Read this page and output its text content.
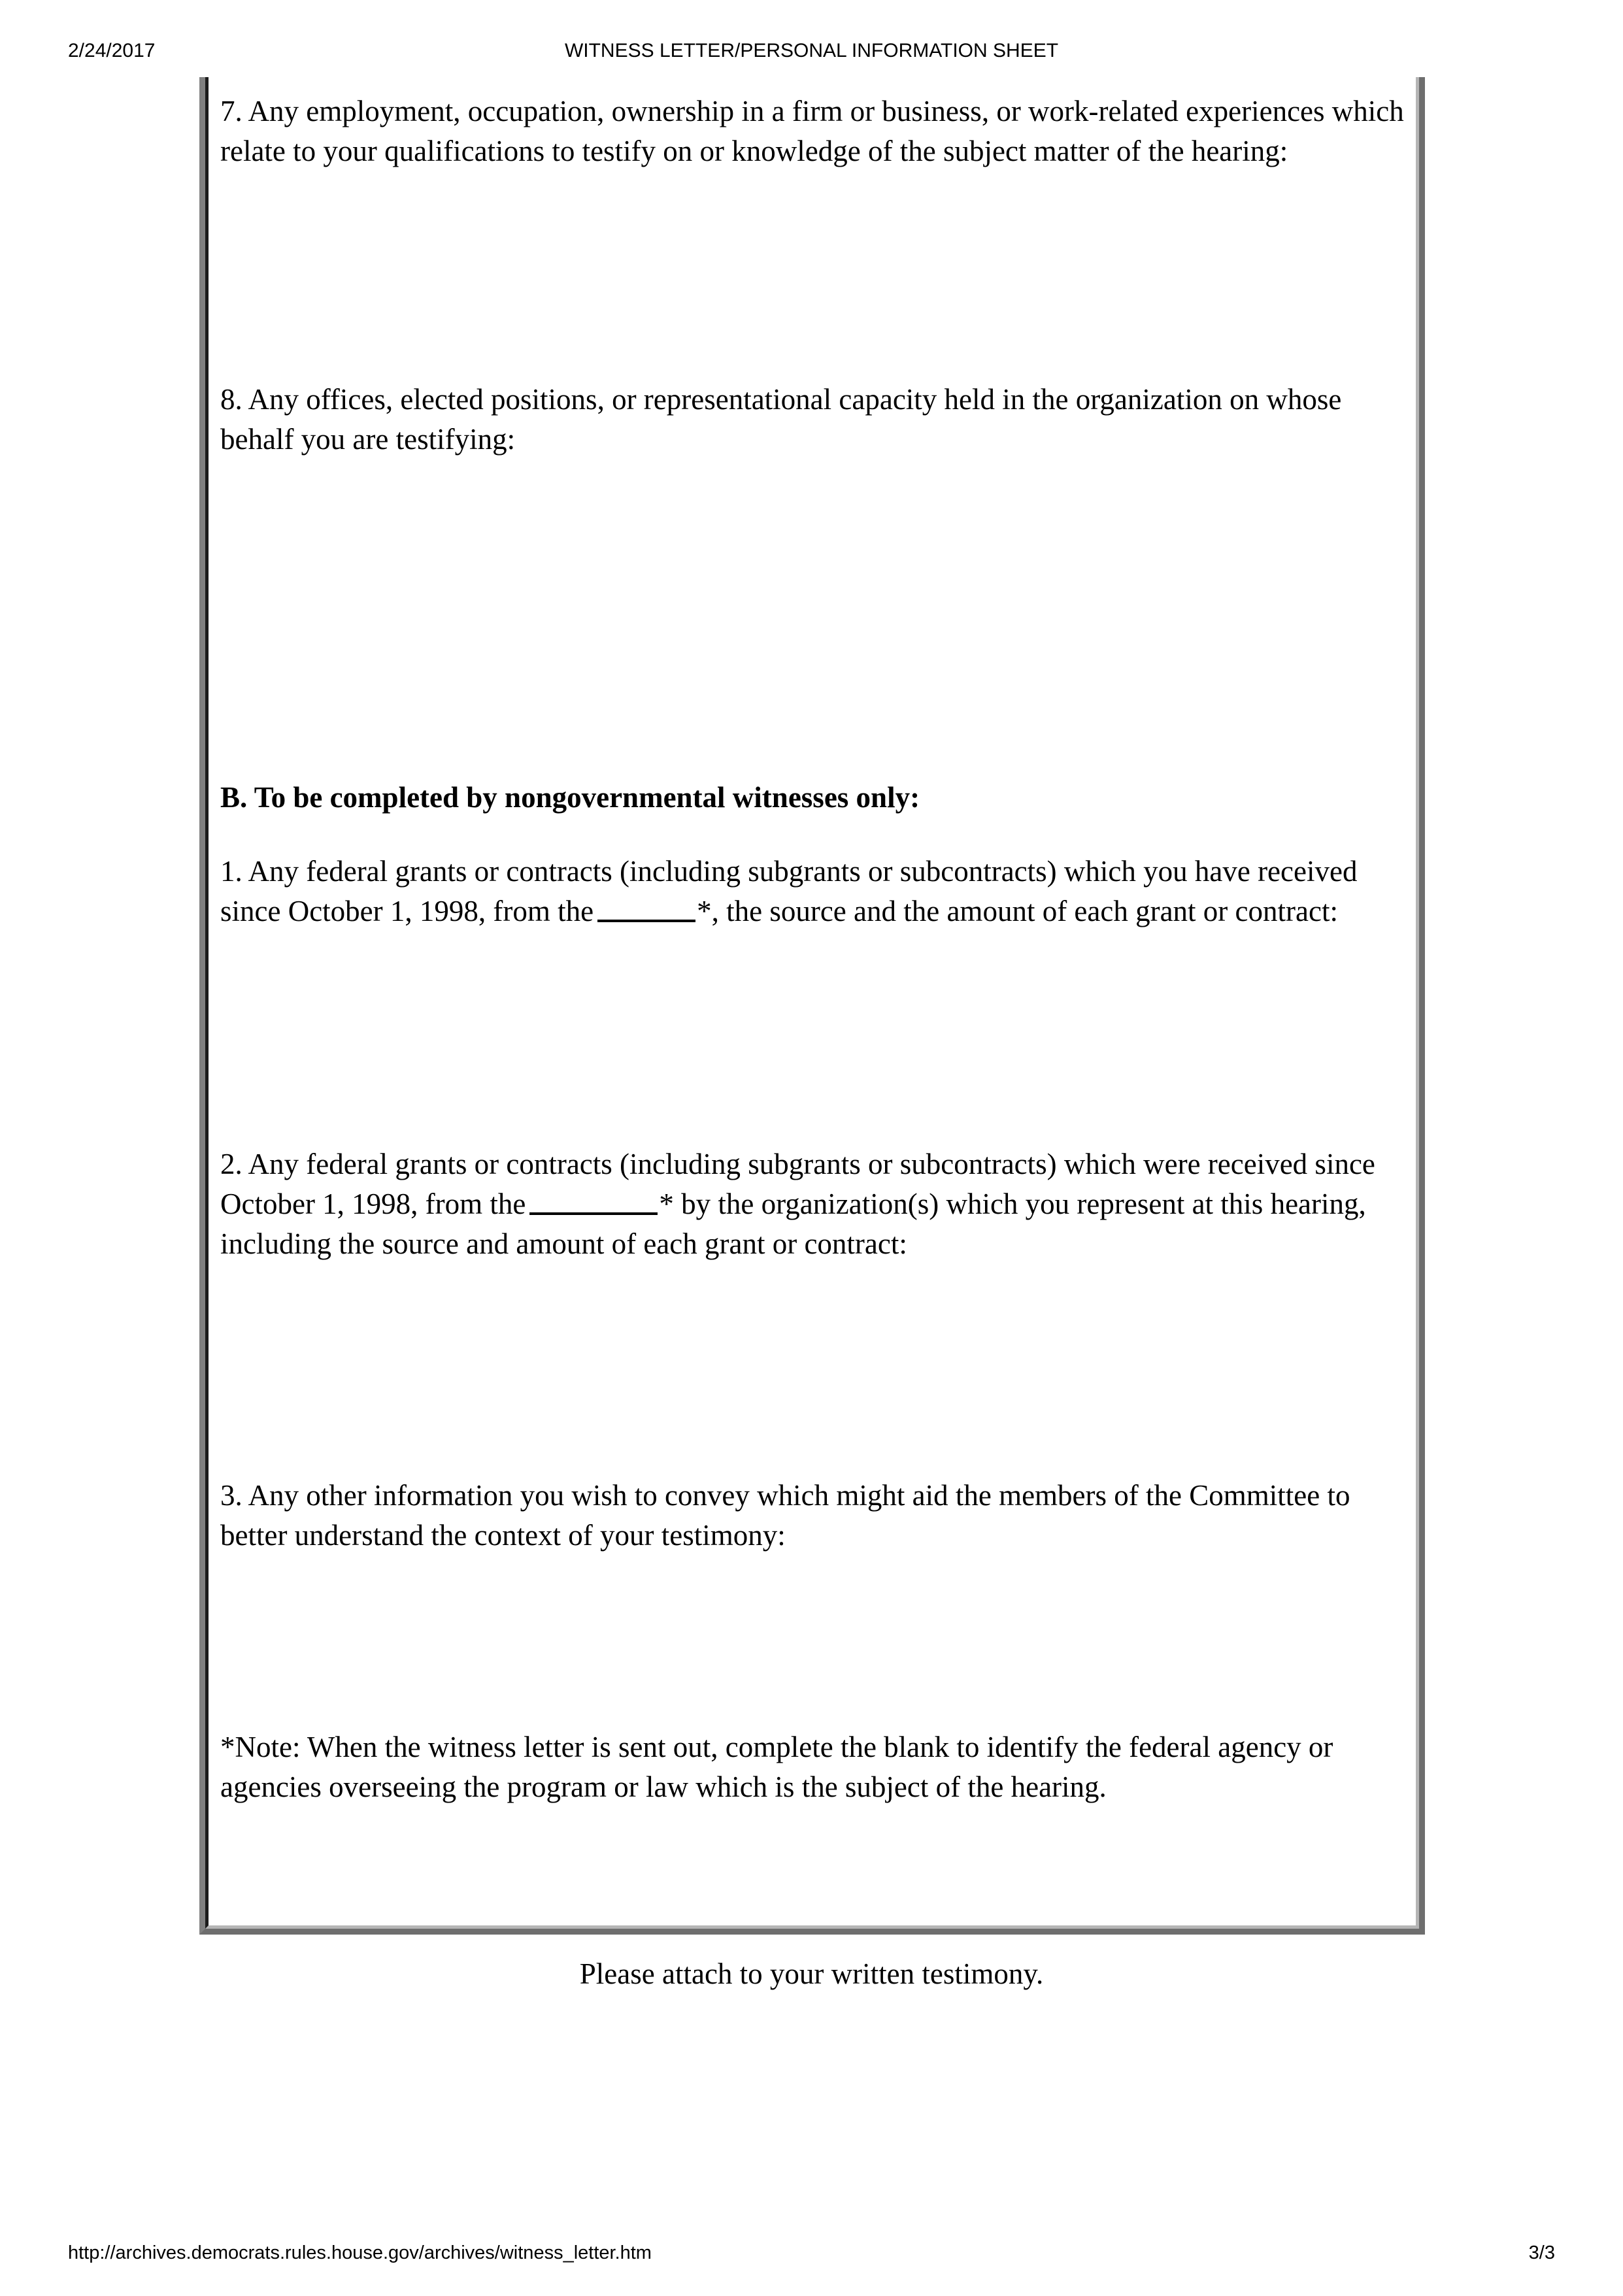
2/24/2017	WITNESS LETTER/PERSONAL INFORMATION SHEET
7. Any employment, occupation, ownership in a firm or business, or work-related experiences which relate to your qualifications to testify on or knowledge of the subject matter of the hearing:
8. Any offices, elected positions, or representational capacity held in the organization on whose behalf you are testifying:
B. To be completed by nongovernmental witnesses only:
1. Any federal grants or contracts (including subgrants or subcontracts) which you have received since October 1, 1998, from the	*, the source and the amount of each grant or contract:
2. Any federal grants or contracts (including subgrants or subcontracts) which were received since October 1, 1998, from the	* by the organization(s) which you represent at this hearing, including the source and amount of each grant or contract:
3. Any other information you wish to convey which might aid the members of the Committee to better understand the context of your testimony:
*Note: When the witness letter is sent out, complete the blank to identify the federal agency or agencies overseeing the program or law which is the subject of the hearing.
Please attach to your written testimony.
http://archives.democrats.rules.house.gov/archives/witness_letter.htm	3/3
